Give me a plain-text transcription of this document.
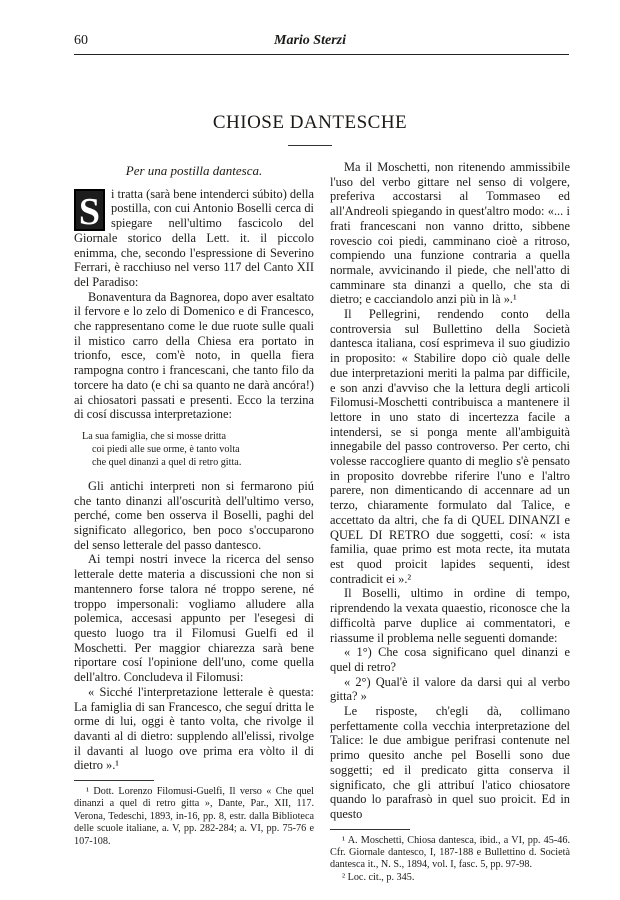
60	Mario Sterzi
CHIOSE DANTESCHE

Per una postilla dantesca.

S i tratta (sarà bene intenderci súbito) della postilla, con cui Antonio Boselli cerca di spiegare nell'ultimo fascicolo del Giornale storico della Lett. it. il piccolo enimma, che, secondo l'espressione di Severino Ferrari, è racchiuso nel verso 117 del Canto XII del Paradiso:

Bonaventura da Bagnorea, dopo aver esaltato il fervore e lo zelo di Domenico e di Francesco, che rappresentano come le due ruote sulle quali il mistico carro della Chiesa era portato in trionfo, esce, com'è noto, in quella fiera rampogna contro i francescani, che tanto filo da torcere ha dato (e chi sa quanto ne darà ancóra!) ai chiosatori passati e presenti. Ecco la terzina di cosí discussa interpretazione:

La sua famiglia, che si mosse dritta
coi piedi alle sue orme, è tanto volta
che quel dinanzi a quel di retro gitta.

Gli antichi interpreti non si fermarono piú che tanto dinanzi all'oscurità dell'ultimo verso, perché, come ben osserva il Boselli, paghi del significato allegorico, ben poco s'occuparono del senso letterale del passo dantesco.

Ai tempi nostri invece la ricerca del senso letterale dette materia a discussioni che non si mantennero forse talora né troppo serene, né troppo impersonali: vogliamo alludere alla polemica, accesasi appunto per l'esegesi di questo luogo tra il Filomusi Guelfi ed il Moschetti. Per maggior chiarezza sarà bene riportare cosí l'opinione dell'uno, come quella dell'altro. Concludeva il Filomusi:

« Sicché l'interpretazione letterale è questa: La famiglia di san Francesco, che seguí dritta le orme di lui, oggi è tanto volta, che rivolge il davanti al di dietro: supplendo all'elissi, rivolge il davanti al luogo ove prima era vòlto il di dietro ».¹

¹ Dott. Lorenzo Filomusi-Guelfi, Il verso « Che quel dinanzi a quel di retro gitta », Dante, Par., XII, 117. Verona, Tedeschi, 1893, in-16, pp. 8, estr. dalla Biblioteca delle scuole italiane, a. V, pp. 282-284; a. VI, pp. 75-76 e 107-108.

Ma il Moschetti, non ritenendo ammissibile l'uso del verbo gittare nel senso di volgere, preferiva accostarsi al Tommaseo ed all'Andreoli spiegando in quest'altro modo: «... i frati francescani non vanno dritto, sibbene rovescio coi piedi, camminano cioè a ritroso, compiendo una funzione contraria a quella normale, avvicinando il piede, che nell'atto di camminare sta dinanzi a quello, che sta di dietro; e cacciandolo anzi più in là ».¹

Il Pellegrini, rendendo conto della controversia sul Bullettino della Società dantesca italiana, cosí esprimeva il suo giudizio in proposito: « Stabilire dopo ciò quale delle due interpretazioni meriti la palma par difficile, e son anzi d'avviso che la lettura degli articoli Filomusi-Moschetti contribuisca a mantenere il lettore in uno stato di incertezza facile a intendersi, se si ponga mente all'ambiguità innegabile del passo controverso. Per certo, chi volesse raccogliere quanto di meglio s'è pensato in proposito dovrebbe riferire l'uno e l'altro parere, non dimenticando di accennare ad un terzo, chiaramente formulato dal Talice, e accettato da altri, che fa di QUEL DINANZI e QUEL DI RETRO due soggetti, cosí: « ista familia, quae primo est mota recte, ita mutata est quod proicit lapides sequenti, idest contradicit ei ».²

Il Boselli, ultimo in ordine di tempo, riprendendo la vexata quaestio, riconosce che la difficoltà parve duplice ai commentatori, e riassume il problema nelle seguenti domande:

« 1°) Che cosa significano quel dinanzi e quel di retro?

« 2°) Qual'è il valore da darsi qui al verbo gitta? »

Le risposte, ch'egli dà, collimano perfettamente colla vecchia interpretazione del Talice: le due ambigue perifrasi contenute nel primo quesito anche pel Boselli sono due soggetti; ed il predicato gitta conserva il significato, che gli attribuí l'atico chiosatore quando lo parafrasò in quel suo proicit. Ed in questo

¹ A. Moschetti, Chiosa dantesca, ibid., a VI, pp. 45-46. Cfr. Giornale dantesco, I, 187-188 e Bullettino d. Società dantesca it., N. S., 1894, vol. I, fasc. 5, pp. 97-98.

² Loc. cit., p. 345.
